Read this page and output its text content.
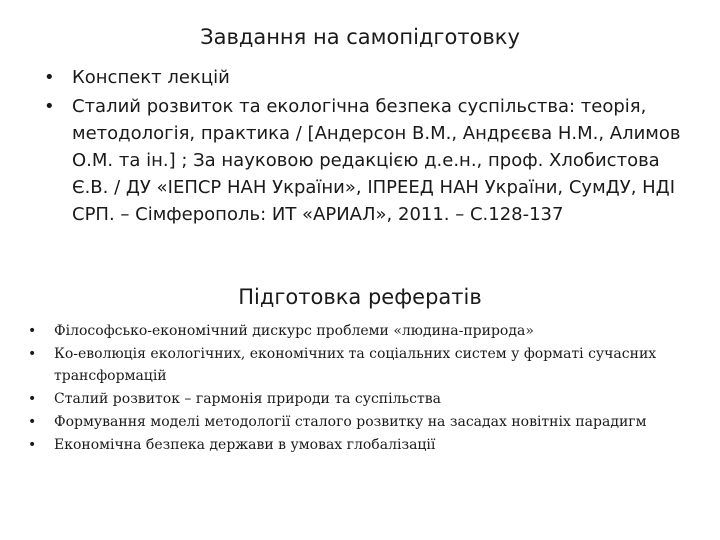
Завдання на самопідготовку
• Конспект лекцій
• Сталий розвиток та екологічна безпека суспільства: теорія, методологія, практика / [Андерсон В.М., Андрєєва Н.М., Алимов О.М. та ін.] ; За науковою редакцією д.е.н., проф. Хлобистова Є.В. / ДУ «ІЕПСР НАН України», ІПРЕЕД НАН України, СумДУ, НДІ СРП. – Сімферополь: ИТ «АРИАЛ», 2011. – С.128-137
Підготовка рефератів
• Філософсько-економічний дискурс проблеми «людина-природа»
• Ко-еволюція екологічних, економічних та соціальних систем у форматі сучасних трансформацій
• Сталий розвиток – гармонія природи та суспільства
• Формування моделі методології сталого розвитку на засадах новітніх парадигм
• Економічна безпека держави в умовах глобалізації
